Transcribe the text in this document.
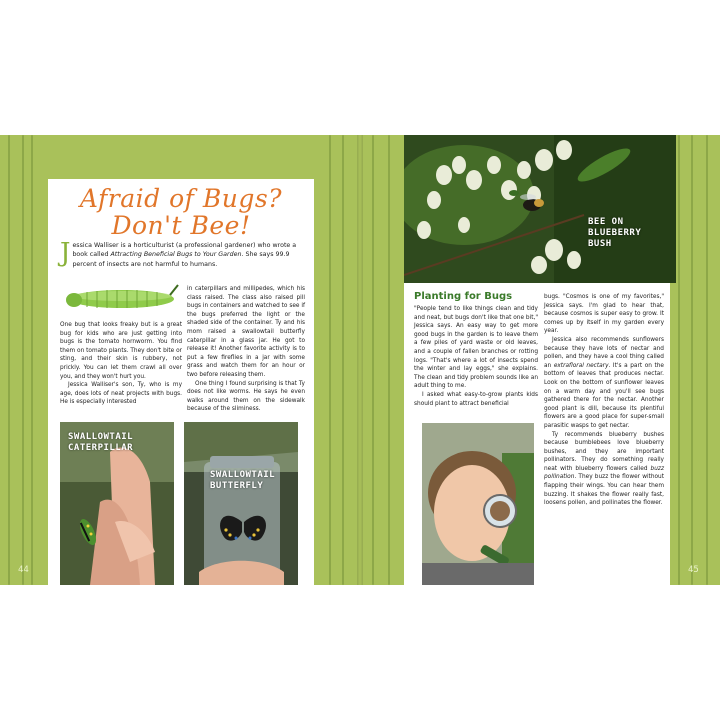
Afraid of Bugs?
Don't Bee!
J essica Walliser is a horticulturist (a professional gardener) who wrote a book called Attracting Beneficial Bugs to Your Garden. She says 99.9 percent of insects are not harmful to humans.

One bug that looks freaky but is a great bug for kids who are just getting into bugs is the tomato hornworm. You find them on tomato plants. They don't bite or sting, and their skin is rubbery, not prickly. You can let them crawl all over you, and they won't hurt you.

Jessica Walliser's son, Ty, who is my age, does lots of neat projects with bugs. He is especially interested

in caterpillars and millipedes, which his class raised. The class also raised pill bugs in containers and watched to see if the bugs preferred the light or the shaded side of the container. Ty and his mom raised a swallowtail butterfly caterpillar in a glass jar. He got to release it! Another favorite activity is to put a few fireflies in a jar with some grass and watch them for an hour or two before releasing them.

One thing I found surprising is that Ty does not like worms. He says he even walks around them on the sidewalk because of the sliminess.

SWALLOWTAIL
CATERPILLAR
SWALLOWTAIL
BUTTERFLY
44
BEE ON
BLUEBERRY
BUSH
Planting for Bugs

"People tend to like things clean and tidy and neat, but bugs don't like that one bit," Jessica says. An easy way to get more good bugs in the garden is to leave them a few piles of yard waste or old leaves, and a couple of fallen branches or rotting logs. "That's where a lot of insects spend the winter and lay eggs," she explains. The clean and tidy problem sounds like an adult thing to me.

I asked what easy-to-grow plants kids should plant to attract beneficial

bugs. "Cosmos is one of my favorites," Jessica says. I'm glad to hear that, because cosmos is super easy to grow. It comes up by itself in my garden every year.

Jessica also recommends sunflowers because they have lots of nectar and pollen, and they have a cool thing called an extrafloral nectary. It's a part on the bottom of leaves that produces nectar. Look on the bottom of sunflower leaves on a warm day and you'll see bugs gathered there for the nectar. Another good plant is dill, because its plentiful flowers are a good place for super-small parasitic wasps to get nectar.

Ty recommends blueberry bushes because bumblebees love blueberry bushes, and they are important pollinators. They do something really neat with blueberry flowers called buzz pollination. They buzz the flower without flapping their wings. You can hear them buzzing. It shakes the flower really fast, loosens pollen, and pollinates the flower.

45
